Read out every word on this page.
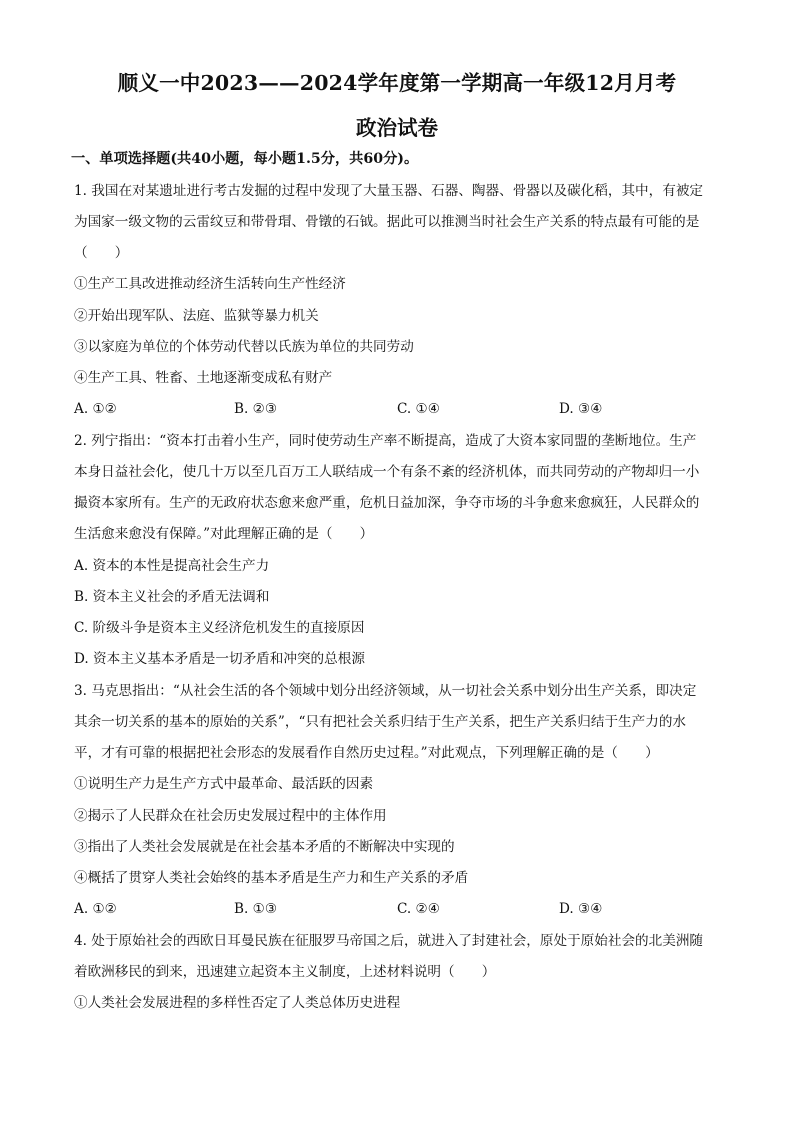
顺义一中2023——2024学年度第一学期高一年级12月月考
政治试卷
一、单项选择题(共40小题，每小题1.5分，共60分)。
1. 我国在对某遗址进行考古发掘的过程中发现了大量玉器、石器、陶器、骨器以及碳化稻，其中，有被定
为国家一级文物的云雷纹豆和带骨瑁、骨镦的石钺。据此可以推测当时社会生产关系的特点最有可能的是
（　　）
①生产工具改进推动经济生活转向生产性经济
②开始出现军队、法庭、监狱等暴力机关
③以家庭为单位的个体劳动代替以氏族为单位的共同劳动
④生产工具、牲畜、土地逐渐变成私有财产
A. ①②	B. ②③	C. ①④	D. ③④
2. 列宁指出：“资本打击着小生产，同时使劳动生产率不断提高，造成了大资本家同盟的垄断地位。生产
本身日益社会化，使几十万以至几百万工人联结成一个有条不紊的经济机体，而共同劳动的产物却归一小
撮资本家所有。生产的无政府状态愈来愈严重，危机日益加深，争夺市场的斗争愈来愈疯狂，人民群众的
生活愈来愈没有保障。”对此理解正确的是（　　）
A. 资本的本性是提高社会生产力
B. 资本主义社会的矛盾无法调和
C. 阶级斗争是资本主义经济危机发生的直接原因
D. 资本主义基本矛盾是一切矛盾和冲突的总根源
3. 马克思指出：“从社会生活的各个领域中划分出经济领域，从一切社会关系中划分出生产关系，即决定
其余一切关系的基本的原始的关系”，“只有把社会关系归结于生产关系，把生产关系归结于生产力的水
平，才有可靠的根据把社会形态的发展看作自然历史过程。”对此观点，下列理解正确的是（　　）
①说明生产力是生产方式中最革命、最活跃的因素
②揭示了人民群众在社会历史发展过程中的主体作用
③指出了人类社会发展就是在社会基本矛盾的不断解决中实现的
④概括了贯穿人类社会始终的基本矛盾是生产力和生产关系的矛盾
A. ①②	B. ①③	C. ②④	D. ③④
4. 处于原始社会的西欧日耳曼民族在征服罗马帝国之后，就进入了封建社会，原处于原始社会的北美洲随
着欧洲移民的到来，迅速建立起资本主义制度，上述材料说明（　　）
①人类社会发展进程的多样性否定了人类总体历史进程
